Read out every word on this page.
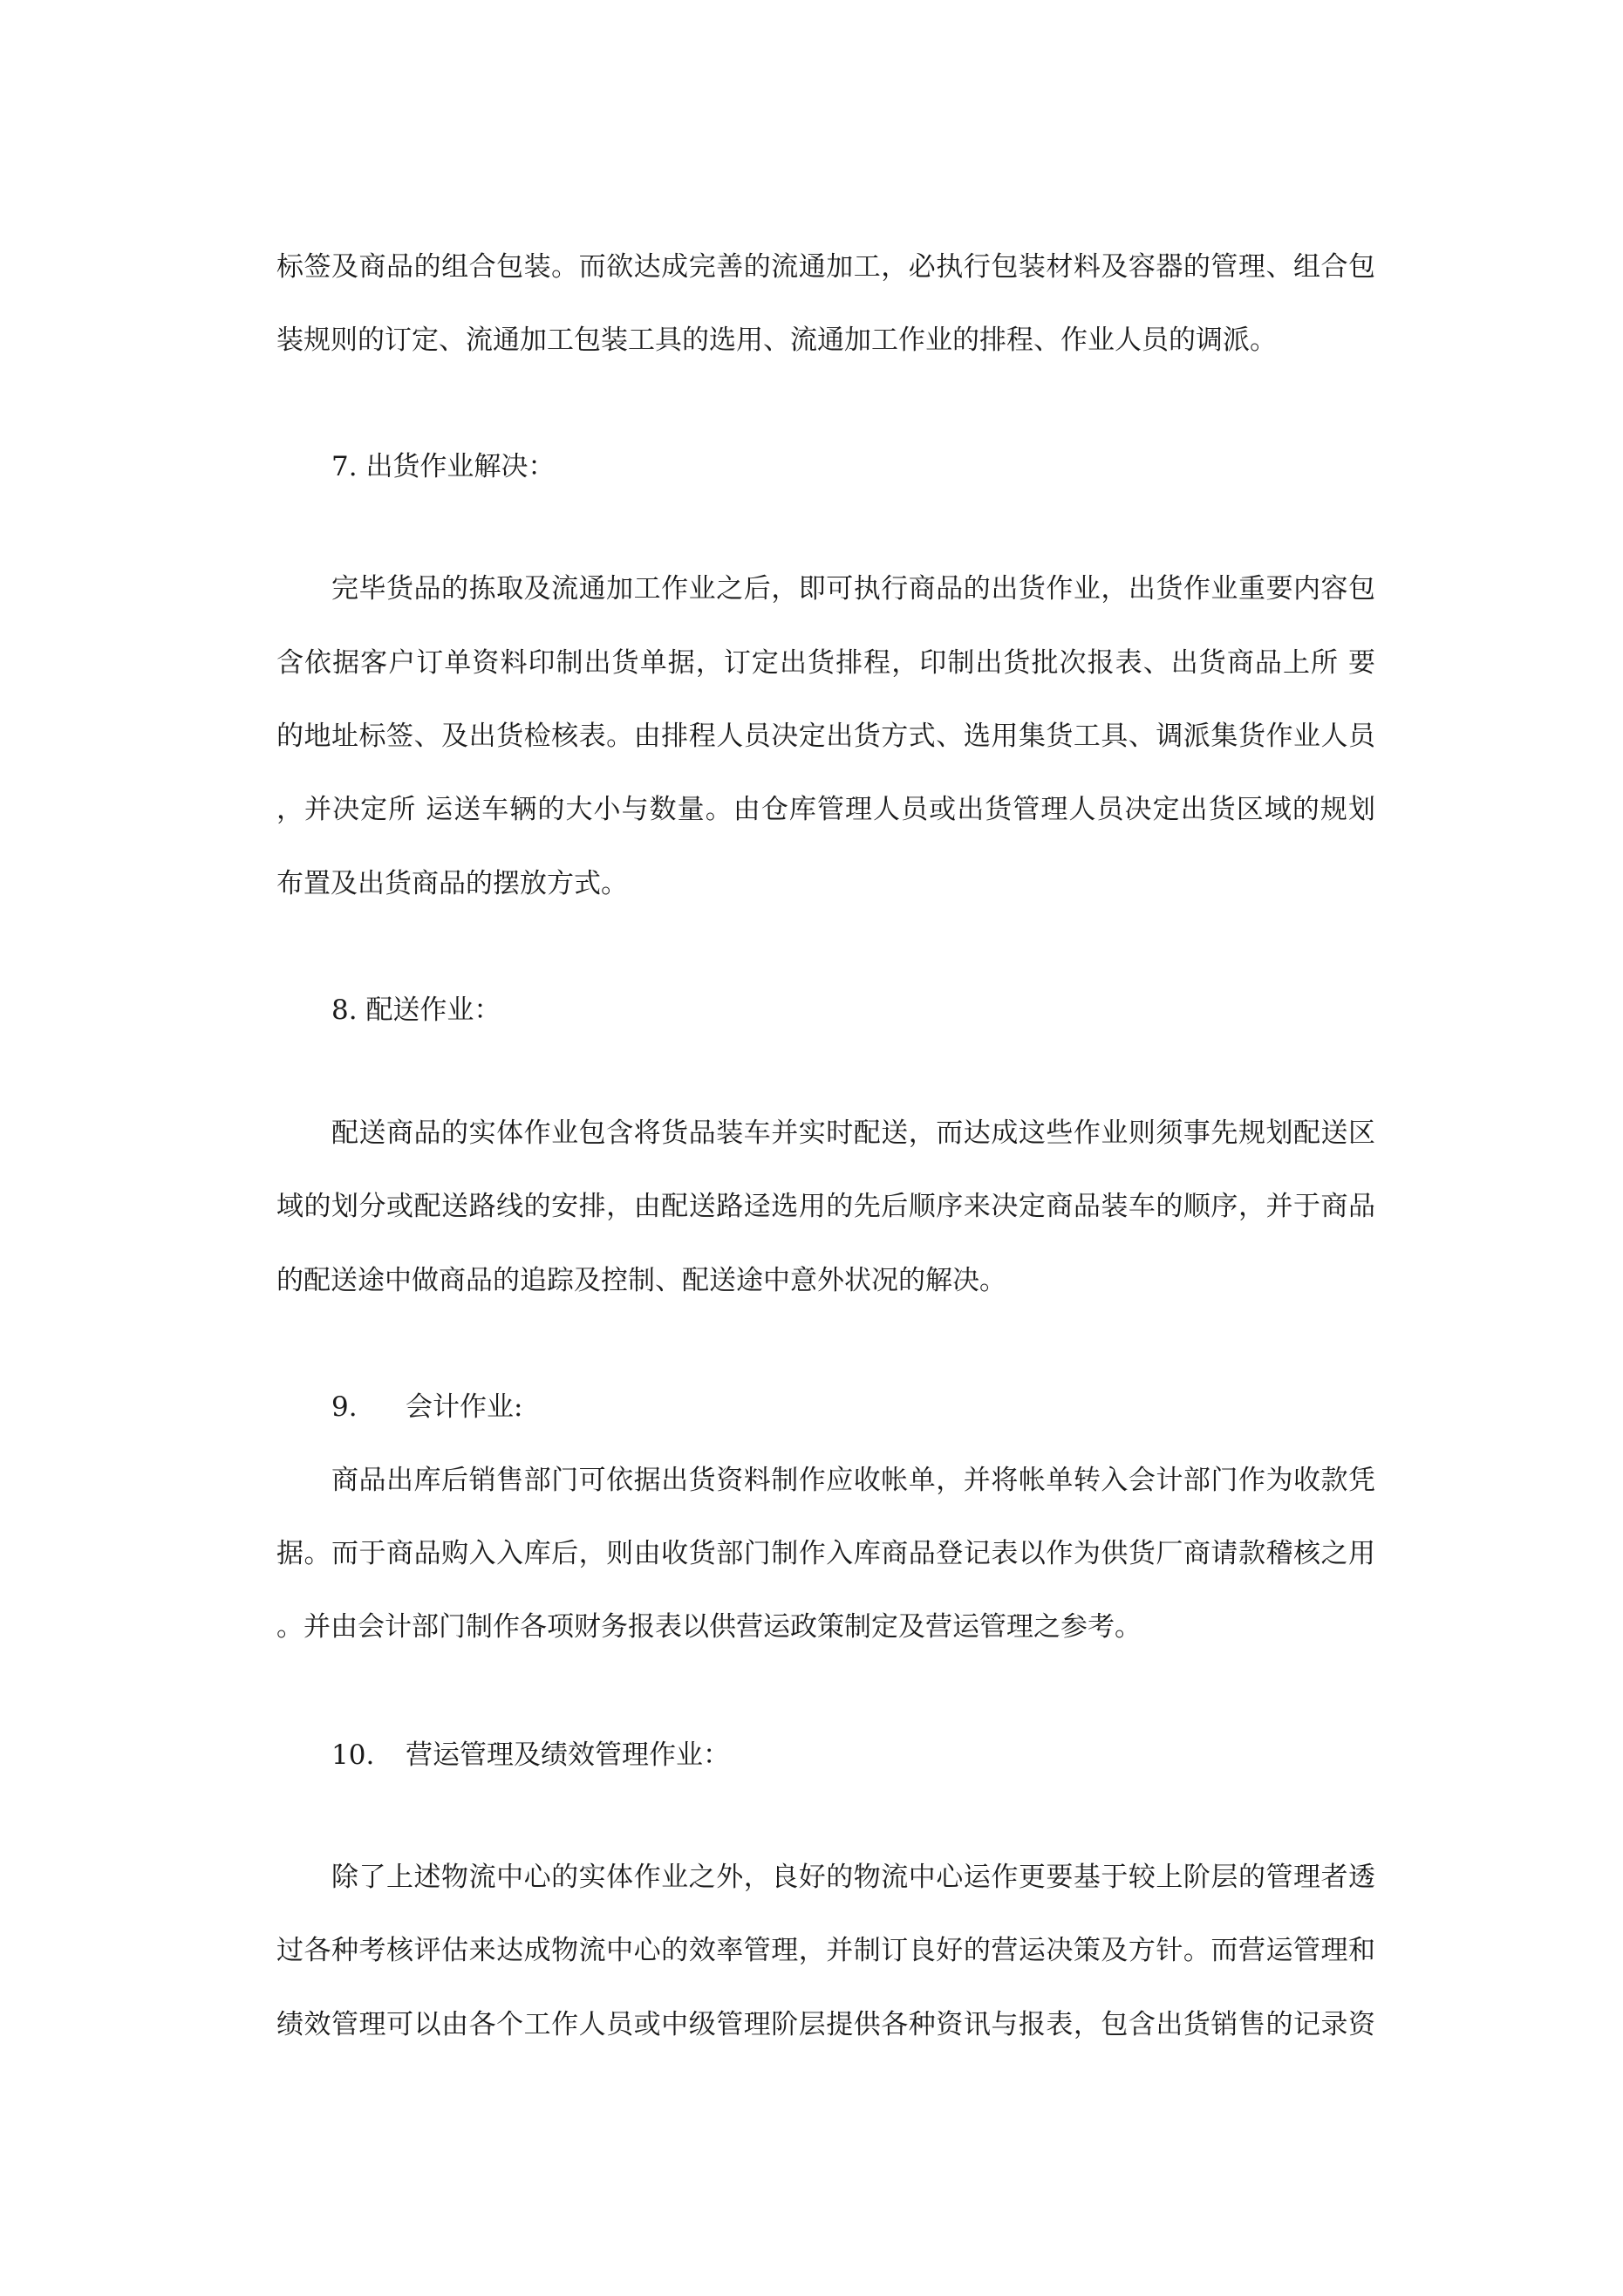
标签及商品的组合包装。而欲达成完善的流通加工，必执行包装材料及容器的管理、组合包
装规则的订定、流通加工包装工具的选用、流通加工作业的排程、作业人员的调派。
7. 出货作业解决：
完毕货品的拣取及流通加工作业之后，即可执行商品的出货作业，出货作业重要内容包
含依据客户订单资料印制出货单据，订定出货排程，印制出货批次报表、出货商品上所 要
的地址标签、及出货检核表。由排程人员决定出货方式、选用集货工具、调派集货作业人员
，并决定所 运送车辆的大小与数量。由仓库管理人员或出货管理人员决定出货区域的规划
布置及出货商品的摆放方式。
8. 配送作业：
配送商品的实体作业包含将货品装车并实时配送，而达成这些作业则须事先规划配送区
域的划分或配送路线的安排，由配送路迳选用的先后顺序来决定商品装车的顺序，并于商品
的配送途中做商品的追踪及控制、配送途中意外状况的解决。
9. 会计作业:
商品出库后销售部门可依据出货资料制作应收帐单，并将帐单转入会计部门作为收款凭
据。而于商品购入入库后，则由收货部门制作入库商品登记表以作为供货厂商请款稽核之用
。并由会计部门制作各项财务报表以供营运政策制定及营运管理之参考。
10. 营运管理及绩效管理作业：
除了上述物流中心的实体作业之外，良好的物流中心运作更要基于较上阶层的管理者透
过各种考核评估来达成物流中心的效率管理，并制订良好的营运决策及方针。而营运管理和
绩效管理可以由各个工作人员或中级管理阶层提供各种资讯与报表，包含出货销售的记录资
